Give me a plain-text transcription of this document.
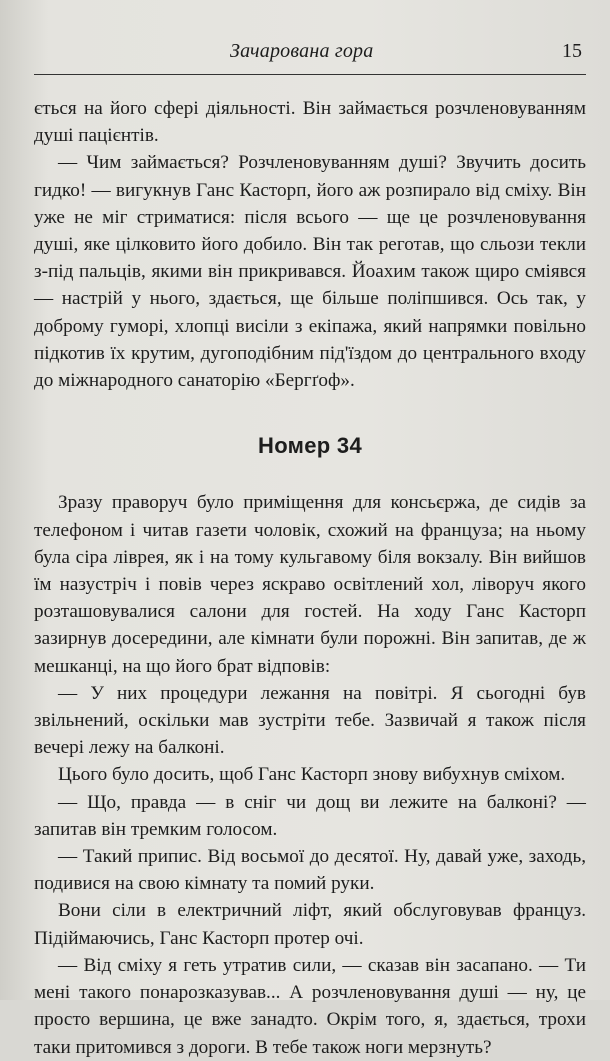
Зачарована гора	15

ється на його сфері діяльності. Він займається розчленовуванням душі пацієнтів.

— Чим займається? Розчленовуванням душі? Звучить досить гидко! — вигукнув Ганс Касторп, його аж розпирало від сміху. Він уже не міг стриматися: після всього — ще це розчленовування душі, яке цілковито його добило. Він так реготав, що сльози текли з-під пальців, якими він прикривався. Йоахим також щиро сміявся — настрій у нього, здається, ще більше поліпшився. Ось так, у доброму гуморі, хлопці висіли з екіпажа, який напрямки повільно підкотив їх крутим, дугоподібним під'їздом до центрального входу до міжнародного санаторію «Бергґоф».

Номер 34

Зразу праворуч було приміщення для консьєржа, де сидів за телефоном і читав газети чоловік, схожий на француза; на ньому була сіра ліврея, як і на тому кульгавому біля вокзалу. Він вийшов їм назустріч і повів через яскраво освітлений хол, ліворуч якого розташовувалися салони для гостей. На ходу Ганс Касторп зазирнув досередини, але кімнати були порожні. Він запитав, де ж мешканці, на що його брат відповів:

— У них процедури лежання на повітрі. Я сьогодні був звільнений, оскільки мав зустріти тебе. Зазвичай я також після вечері лежу на балконі.

Цього було досить, щоб Ганс Касторп знову вибухнув сміхом.

— Що, правда — в сніг чи дощ ви лежите на балконі? — запитав він тремким голосом.

— Такий припис. Від восьмої до десятої. Ну, давай уже, заходь, подивися на свою кімнату та помий руки.

Вони сіли в електричний ліфт, який обслуговував француз. Підіймаючись, Ганс Касторп протер очі.

— Від сміху я геть утратив сили, — сказав він засапано. — Ти мені такого понарозказував... А розчленовування душі — ну, це просто вершина, це вже занадто. Окрім того, я, здається, трохи таки притомився з дороги. В тебе також ноги мерзнуть?
